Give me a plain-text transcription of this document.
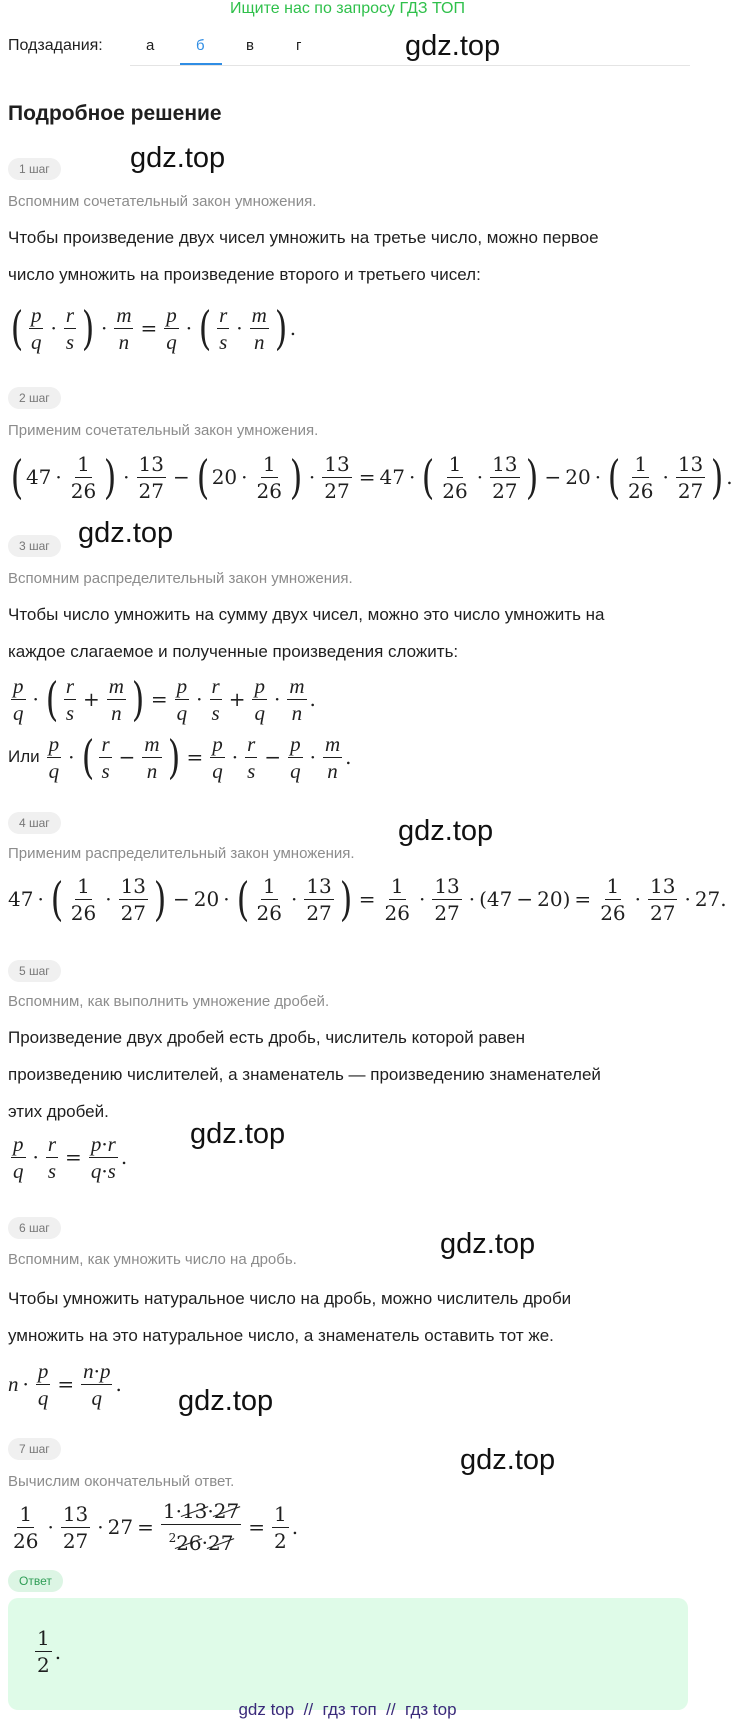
Ищите нас по запросу ГДЗ ТОП
Подзадания:	а	б	в	г	gdz.top
Подробное решение
1 шаг	gdz.top
Вспомним сочетательный закон умножения.
Чтобы произведение двух чисел умножить на третье число, можно первое
число умножить на произведение второго и третьего чисел:
( $\frac{p}{q} \cdot \frac{r}{s}$ ) · $\frac{m}{n} = \frac{p}{q}$ · ( $\frac{r}{s} \cdot \frac{m}{n}$ ) .
2 шаг
Применим сочетательный закон умножения.
( $47 \cdot \frac{1}{26}$ ) · $\frac{13}{27}$ − ( $20 \cdot \frac{1}{26}$ ) · $\frac{13}{27} = 47$ · ( $\frac{1}{26} \cdot \frac{13}{27}$ ) − 20 · ( $\frac{1}{26} \cdot \frac{13}{27}$ ) .
3 шаг gdz.top
Вспомним распределительный закон умножения.
Чтобы число умножить на сумму двух чисел, можно это число умножить на
каждое слагаемое и полученные произведения сложить:
$\frac{p}{q}$ · ( $\frac{r}{s} + \frac{m}{n}$ ) = $\frac{p}{q} \cdot \frac{r}{s} + \frac{p}{q} \cdot \frac{m}{n}$ .
Или $\frac{p}{q}$ · ( $\frac{r}{s} - \frac{m}{n}$ ) = $\frac{p}{q} \cdot \frac{r}{s} - \frac{p}{q} \cdot \frac{m}{n}$ .
4 шаг	gdz.top
Применим распределительный закон умножения.
47 · ( $\frac{1}{26} \cdot \frac{13}{27}$ ) − 20 · ( $\frac{1}{26} \cdot \frac{13}{27}$ ) = $\frac{1}{26} \cdot \frac{13}{27} \cdot (47 - 20) = \frac{1}{26} \cdot \frac{13}{27} \cdot 27$.
5 шаг
Вспомним, как выполнить умножение дробей.
Произведение двух дробей есть дробь, числитель которой равен
произведению числителей, а знаменатель — произведению знаменателей
этих дробей.
gdz.top
$\frac{p}{q} \cdot \frac{r}{s} = \frac{p\cdot r}{q\cdot s}$ .
6 шаг	gdz.top
Вспомним, как умножить число на дробь.
Чтобы умножить натуральное число на дробь, можно числитель дроби
умножить на это натуральное число, а знаменатель оставить тот же.
$n \cdot \frac{p}{q} = \frac{n\cdot p}{q}$ .
gdz.top
7 шаг	gdz.top
Вычислим окончательный ответ.
$\frac{1}{26} \cdot \frac{13}{27} \cdot 27 = \frac{1\cdot 13\cdot 27}{^226\cdot 27} = \frac{1}{2}$ .
Ответ
$\frac{1}{2}$ .
gdz top  //  гдз топ  //  гдз top
